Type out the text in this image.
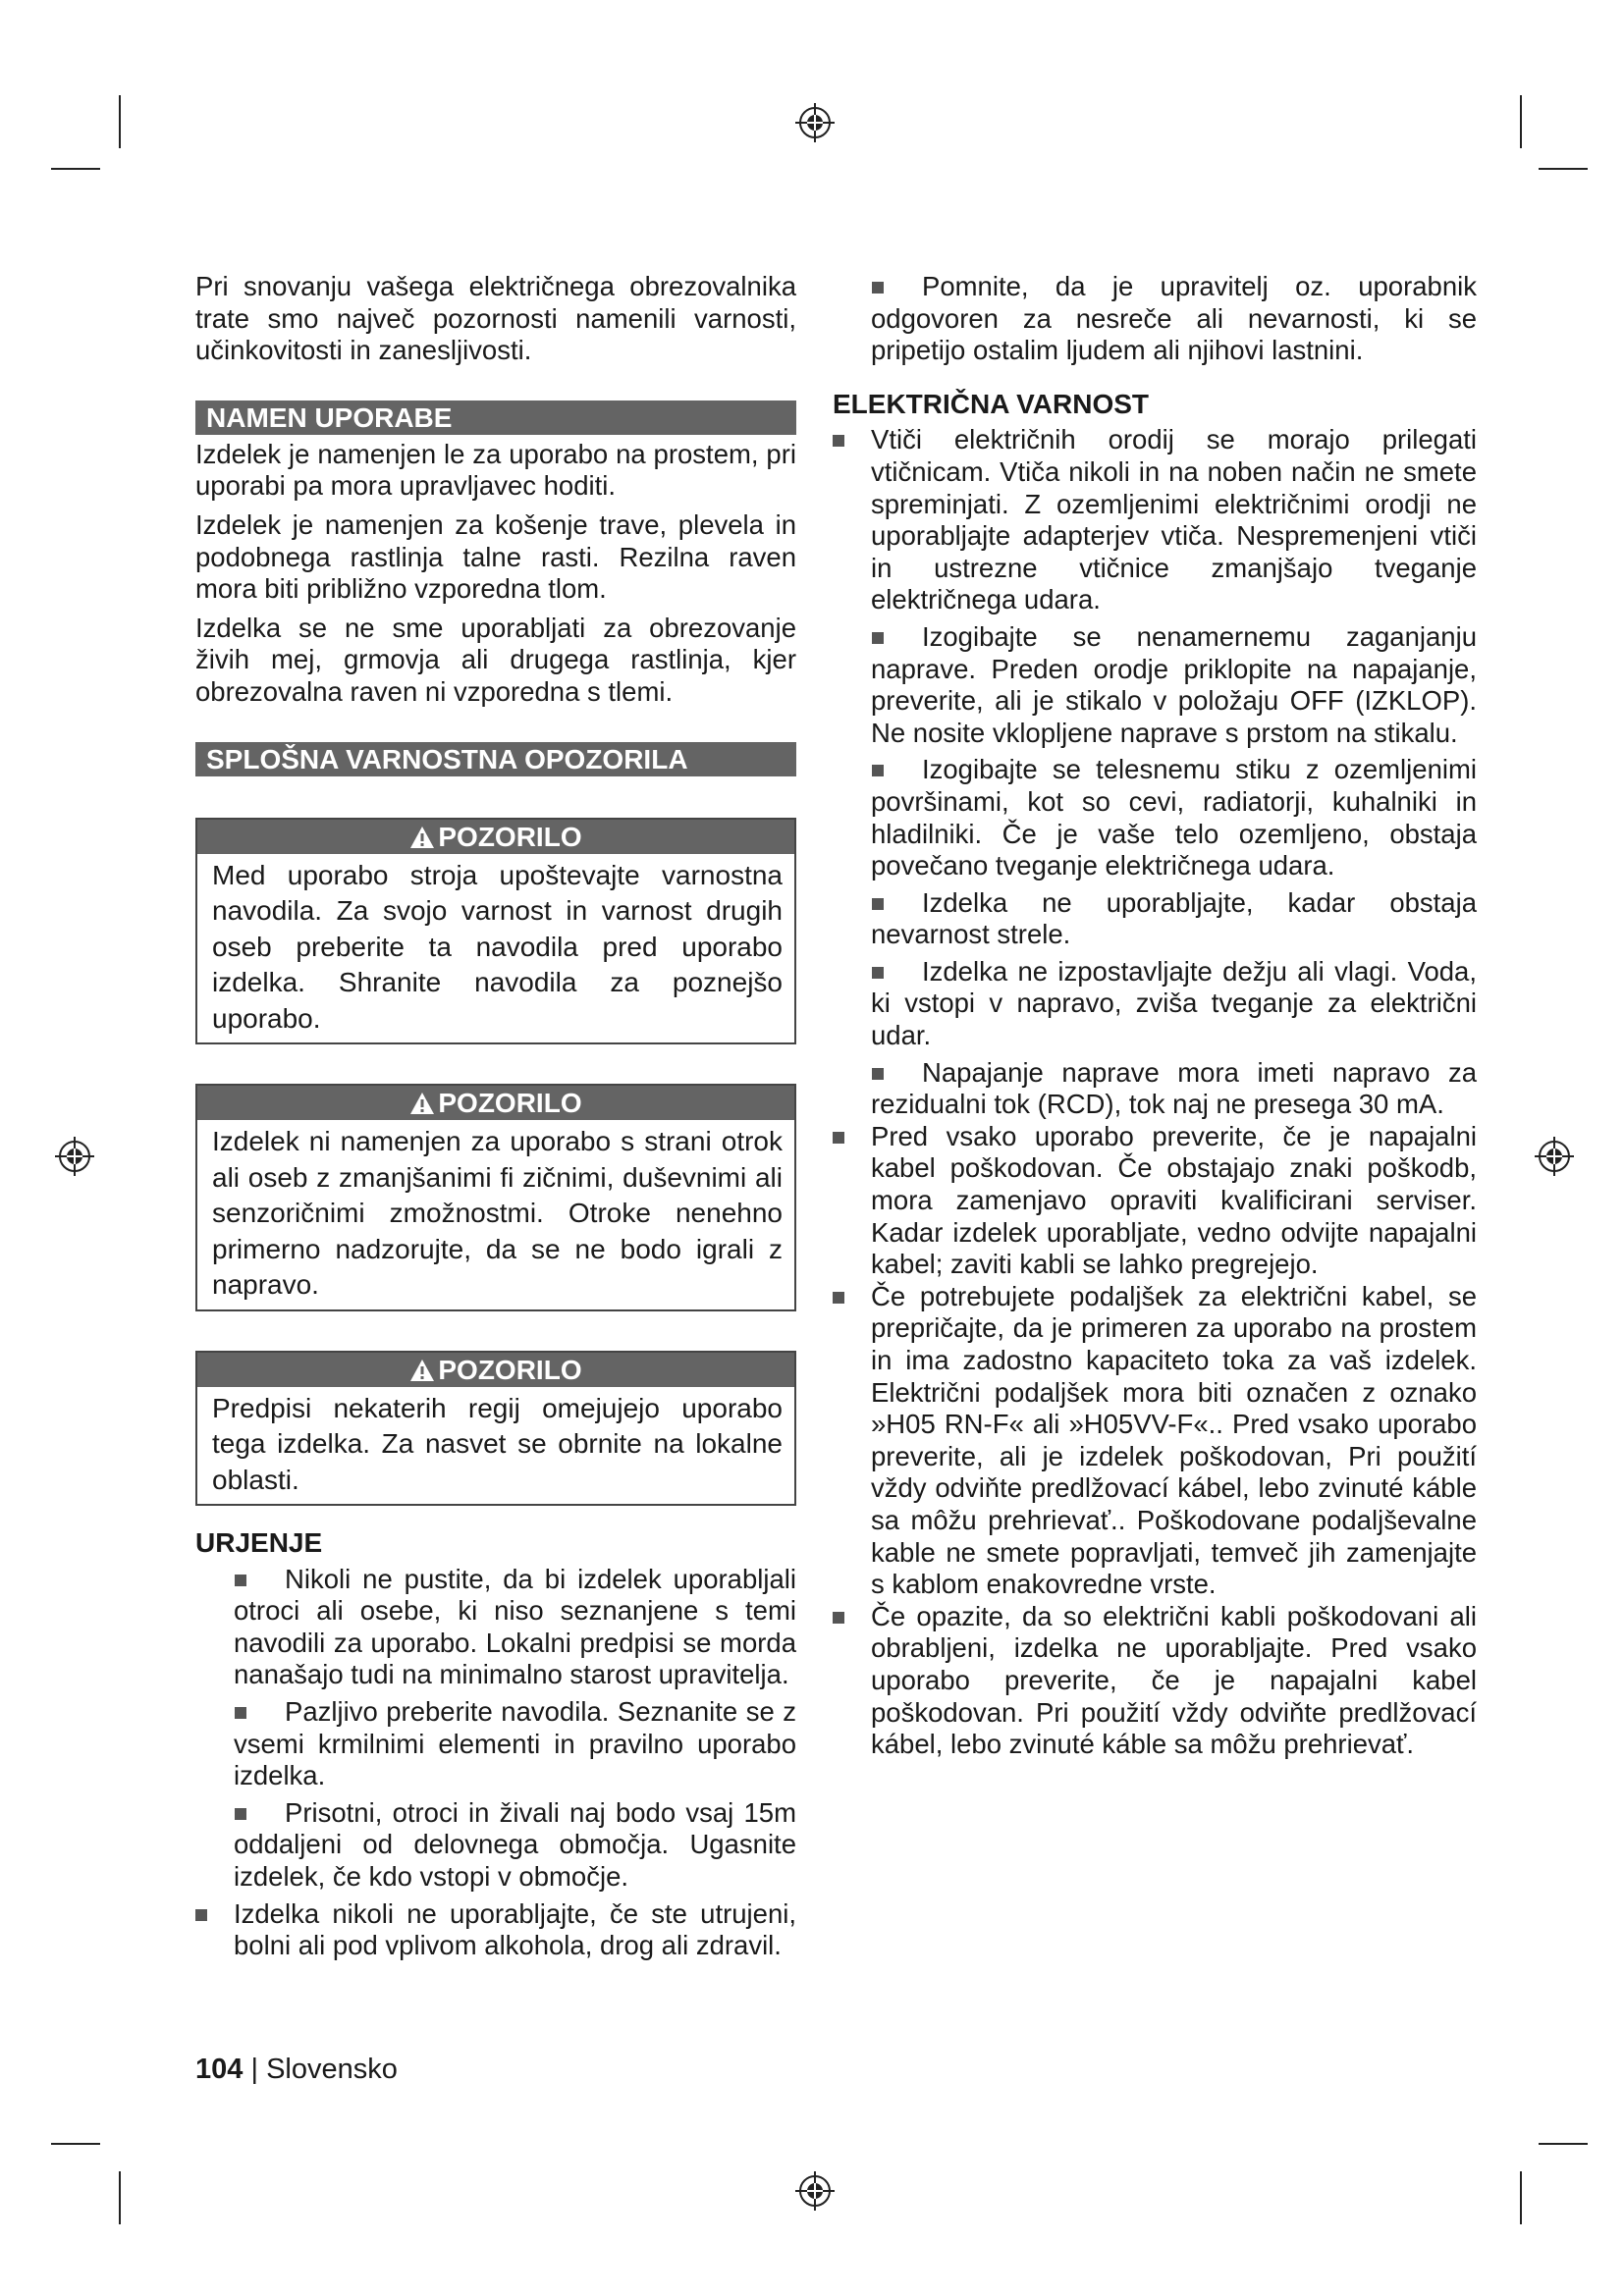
Pri snovanju vašega električnega obrezovalnika trate smo največ pozornosti namenili varnosti, učinkovitosti in zanesljivosti.

NAMEN UPORABE

Izdelek je namenjen le za uporabo na prostem, pri uporabi pa mora upravljavec hoditi.

Izdelek je namenjen za košenje trave, plevela in podobnega rastlinja talne rasti. Rezilna raven mora biti približno vzporedna tlom.

Izdelka se ne sme uporabljati za obrezovanje živih mej, grmovja ali drugega rastlinja, kjer obrezovalna raven ni vzporedna s tlemi.

SPLOŠNA VARNOSTNA OPOZORILA
POZORILO

Med uporabo stroja upoštevajte varnostna navodila. Za svojo varnost in varnost drugih oseb preberite ta navodila pred uporabo izdelka. Shranite navodila za poznejšo uporabo.

POZORILO

Izdelek ni namenjen za uporabo s strani otrok ali oseb z zmanjšanimi fi zičnimi, duševnimi ali senzoričnimi zmožnostmi. Otroke nenehno primerno nadzorujte, da se ne bodo igrali z napravo.

POZORILO

Predpisi nekaterih regij omejujejo uporabo tega izdelka. Za nasvet se obrnite na lokalne oblasti.

URJENJE

Nikoli ne pustite, da bi izdelek uporabljali otroci ali osebe, ki niso seznanjene s temi navodili za uporabo. Lokalni predpisi se morda nanašajo tudi na minimalno starost upravitelja.

Pazljivo preberite navodila. Seznanite se z vsemi krmilnimi elementi in pravilno uporabo izdelka.

Prisotni, otroci in živali naj bodo vsaj 15m oddaljeni od delovnega območja. Ugasnite izdelek, če kdo vstopi v območje.

Izdelka nikoli ne uporabljajte, če ste utrujeni, bolni ali pod vplivom alkohola, drog ali zdravil.

Pomnite, da je upravitelj oz. uporabnik odgovoren za nesreče ali nevarnosti, ki se pripetijo ostalim ljudem ali njihovi lastnini.

ELEKTRIČNA VARNOST

Vtiči električnih orodij se morajo prilegati vtičnicam. Vtiča nikoli in na noben način ne smete spreminjati. Z ozemljenimi električnimi orodji ne uporabljajte adapterjev vtiča. Nespremenjeni vtiči in ustrezne vtičnice zmanjšajo tveganje električnega udara.

Izogibajte se nenamernemu zaganjanju naprave. Preden orodje priklopite na napajanje, preverite, ali je stikalo v položaju OFF (IZKLOP). Ne nosite vklopljene naprave s prstom na stikalu.

Izogibajte se telesnemu stiku z ozemljenimi površinami, kot so cevi, radiatorji, kuhalniki in hladilniki. Če je vaše telo ozemljeno, obstaja povečano tveganje električnega udara.

Izdelka ne uporabljajte, kadar obstaja nevarnost strele.

Izdelka ne izpostavljajte dežju ali vlagi. Voda, ki vstopi v napravo, zviša tveganje za električni udar.

Napajanje naprave mora imeti napravo za rezidualni tok (RCD), tok naj ne presega 30 mA.

Pred vsako uporabo preverite, če je napajalni kabel poškodovan. Če obstajajo znaki poškodb, mora zamenjavo opraviti kvalificirani serviser. Kadar izdelek uporabljate, vedno odvijte napajalni kabel; zaviti kabli se lahko pregrejejo.

Če potrebujete podaljšek za električni kabel, se prepričajte, da je primeren za uporabo na prostem in ima zadostno kapaciteto toka za vaš izdelek. Električni podaljšek mora biti označen z oznako »H05 RN-F« ali »H05VV-F«.. Pred vsako uporabo preverite, ali je izdelek poškodovan, Pri použití vždy odviňte predlžovací kábel, lebo zvinuté káble sa môžu prehrievať.. Poškodovane podaljševalne kable ne smete popravljati, temveč jih zamenjajte s kablom enakovredne vrste.

Če opazite, da so električni kabli poškodovani ali obrabljeni, izdelka ne uporabljajte. Pred vsako uporabo preverite, če je napajalni kabel poškodovan. Pri použití vždy odviňte predlžovací kábel, lebo zvinuté káble sa môžu prehrievať.

104 | Slovensko
